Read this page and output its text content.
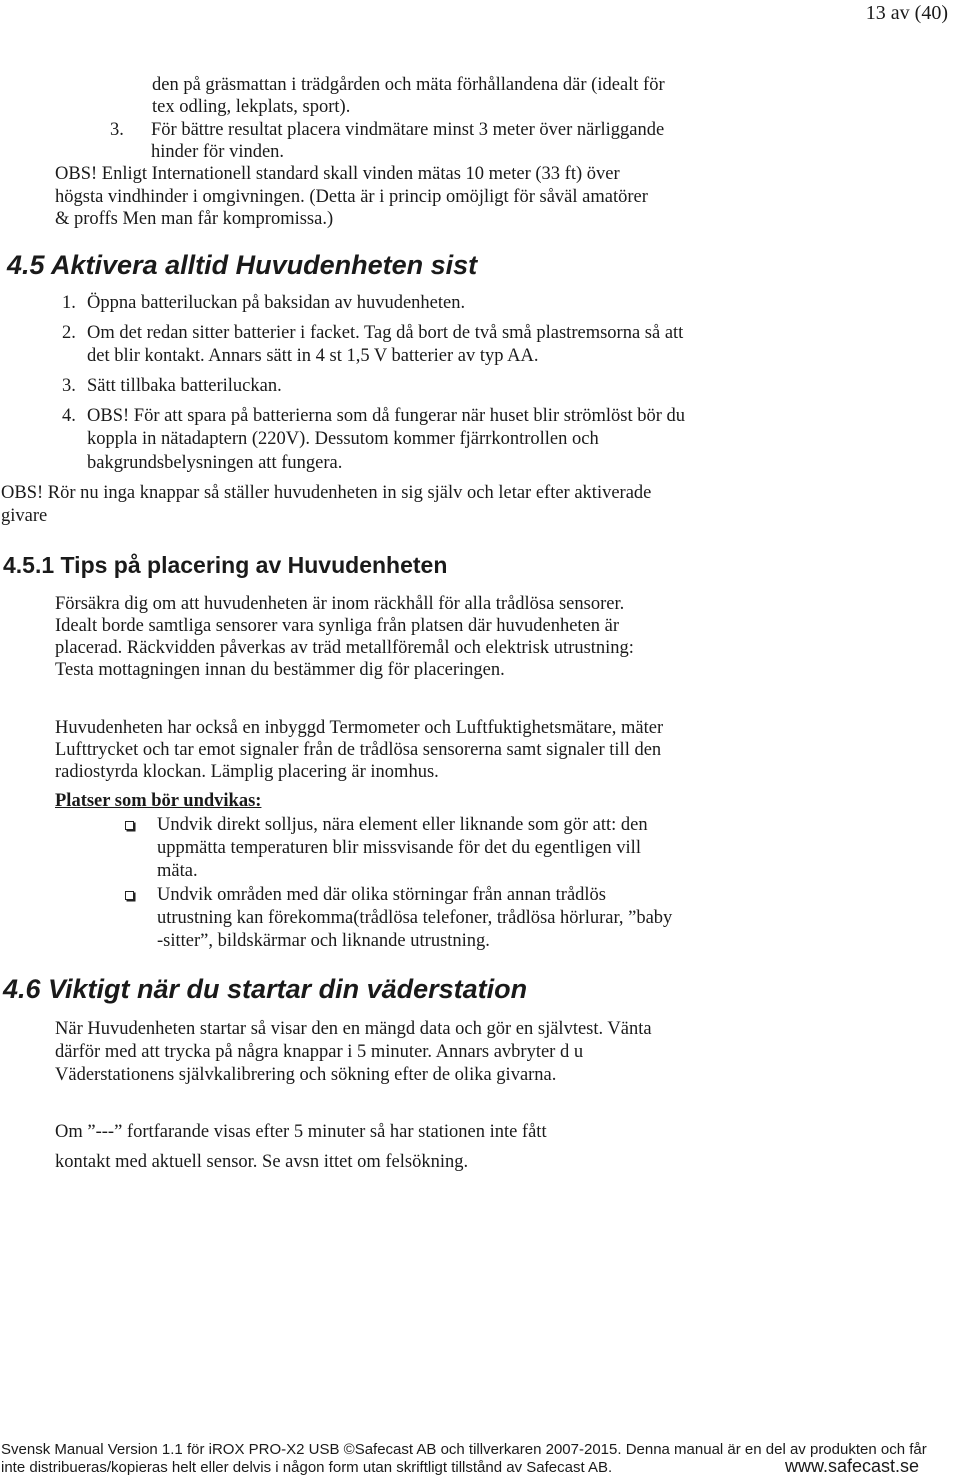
13 av (40)
den på gräsmattan i trädgården och mäta förhållandena där (idealt för
tex odling, lekplats, sport).
3. För bättre resultat placera vindmätare minst 3 meter över närliggande
hinder för vinden.
OBS! Enligt Internationell standard skall vinden mätas 10 meter (33 ft) över
högsta vindhinder i omgivningen. (Detta är i princip omöjligt för såväl amatörer
& proffs Men man får kompromissa.)
4.5 Aktivera alltid Huvudenheten sist
1. Öppna batteriluckan på baksidan av huvudenheten.
2. Om det redan sitter batterier i facket. Tag då bort de två små plastremsorna så att
det blir kontakt. Annars sätt in 4 st 1,5 V batterier av typ AA.
3. Sätt tillbaka batteriluckan.
4. OBS! För att spara på batterierna som då fungerar när huset blir strömlöst bör du
koppla in nätadaptern (220V). Dessutom kommer fjärrkontrollen och
bakgrundsbelysningen att fungera.
OBS! Rör nu inga knappar så ställer huvudenheten in sig själv och letar efter aktiverade
givare
4.5.1 Tips på placering av Huvudenheten
Försäkra dig om att huvudenheten är inom räckhåll för alla trådlösa sensorer.
Idealt borde samtliga sensorer vara synliga från platsen där huvudenheten är
placerad. Räckvidden påverkas av träd metallföremål och elektrisk utrustning:
Testa mottagningen innan du bestämmer dig för placeringen.
Huvudenheten har också en inbyggd Termometer och Luftfuktighetsmätare, mäter
Lufttrycket och tar emot signaler från de trådlösa sensorerna samt signaler till den
radiostyrda klockan. Lämplig placering är inomhus.
Platser som bör undvikas:
Undvik direkt solljus, nära element eller liknande som gör att: den
uppmätta temperaturen blir missvisande för det du egentligen vill
mäta.
Undvik områden med där olika störningar från annan trådlös
utrustning kan förekomma(trådlösa telefoner, trådlösa hörlurar, ”baby
-sitter”, bildskärmar och liknande utrustning.
4.6 Viktigt när du startar din väderstation
När Huvudenheten startar så visar den en mängd data och gör en självtest. Vänta
därför med att trycka på några knappar i 5 minuter. Annars avbryter d u
Väderstationens självkalibrering och sökning efter de olika givarna.
Om ”---” fortfarande visas efter 5 minuter så har stationen inte fått
kontakt med aktuell sensor. Se avsn ittet om felsökning.
Svensk Manual Version 1.1 för iROX PRO-X2 USB ©Safecast AB och tillverkaren 2007-2015. Denna manual är en del av produkten och får
inte distribueras/kopieras helt eller delvis i någon form utan skriftligt tillstånd av Safecast AB.	www.safecast.se
